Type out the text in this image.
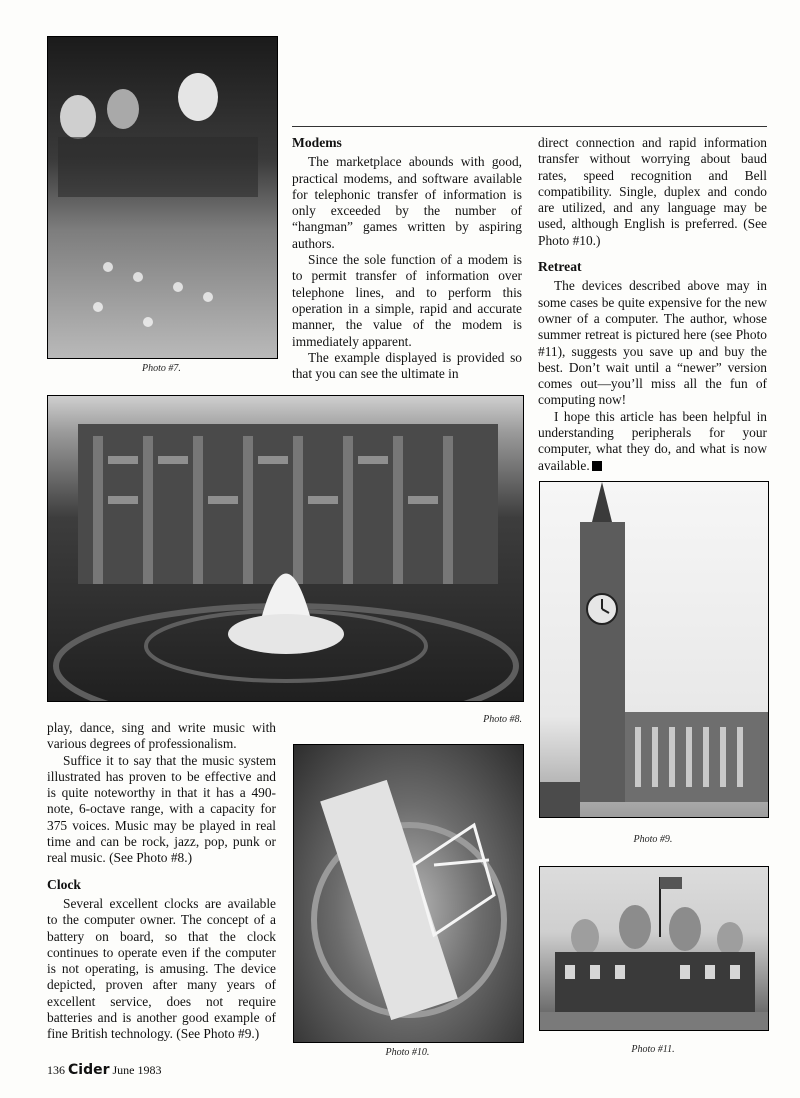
Photo #7.
Modems

The marketplace abounds with good, practical modems, and software available for telephonic transfer of information is only exceeded by the number of “hangman” games written by aspiring authors.

Since the sole function of a modem is to permit transfer of information over telephone lines, and to perform this operation in a simple, rapid and accurate manner, the value of the modem is immediately apparent.

The example displayed is provided so that you can see the ultimate in

direct connection and rapid information transfer without worrying about baud rates, speed recognition and Bell compatibility. Single, duplex and condo are utilized, and any language may be used, although English is preferred. (See Photo #10.)

Retreat

The devices described above may in some cases be quite expensive for the new owner of a computer. The author, whose summer retreat is pictured here (see Photo #11), suggests you save up and buy the best. Don’t wait until a “newer” version comes out—you’ll miss all the fun of computing now!

I hope this article has been helpful in understanding peripherals for your computer, what they do, and what is now available.

Photo #8.

play, dance, sing and write music with various degrees of professionalism.

Suffice it to say that the music system illustrated has proven to be effective and is quite noteworthy in that it has a 490-note, 6-octave range, with a capacity for 375 voices. Music may be played in real time and can be rock, jazz, pop, punk or real music. (See Photo #8.)

Clock

Several excellent clocks are available to the computer owner. The concept of a battery on board, so that the clock continues to operate even if the computer is not operating, is amusing. The device depicted, proven after many years of excellent service, does not require batteries and is another good example of fine British technology. (See Photo #9.)

Photo #10.
Photo #9.
Photo #11.
136 Cider June 1983
